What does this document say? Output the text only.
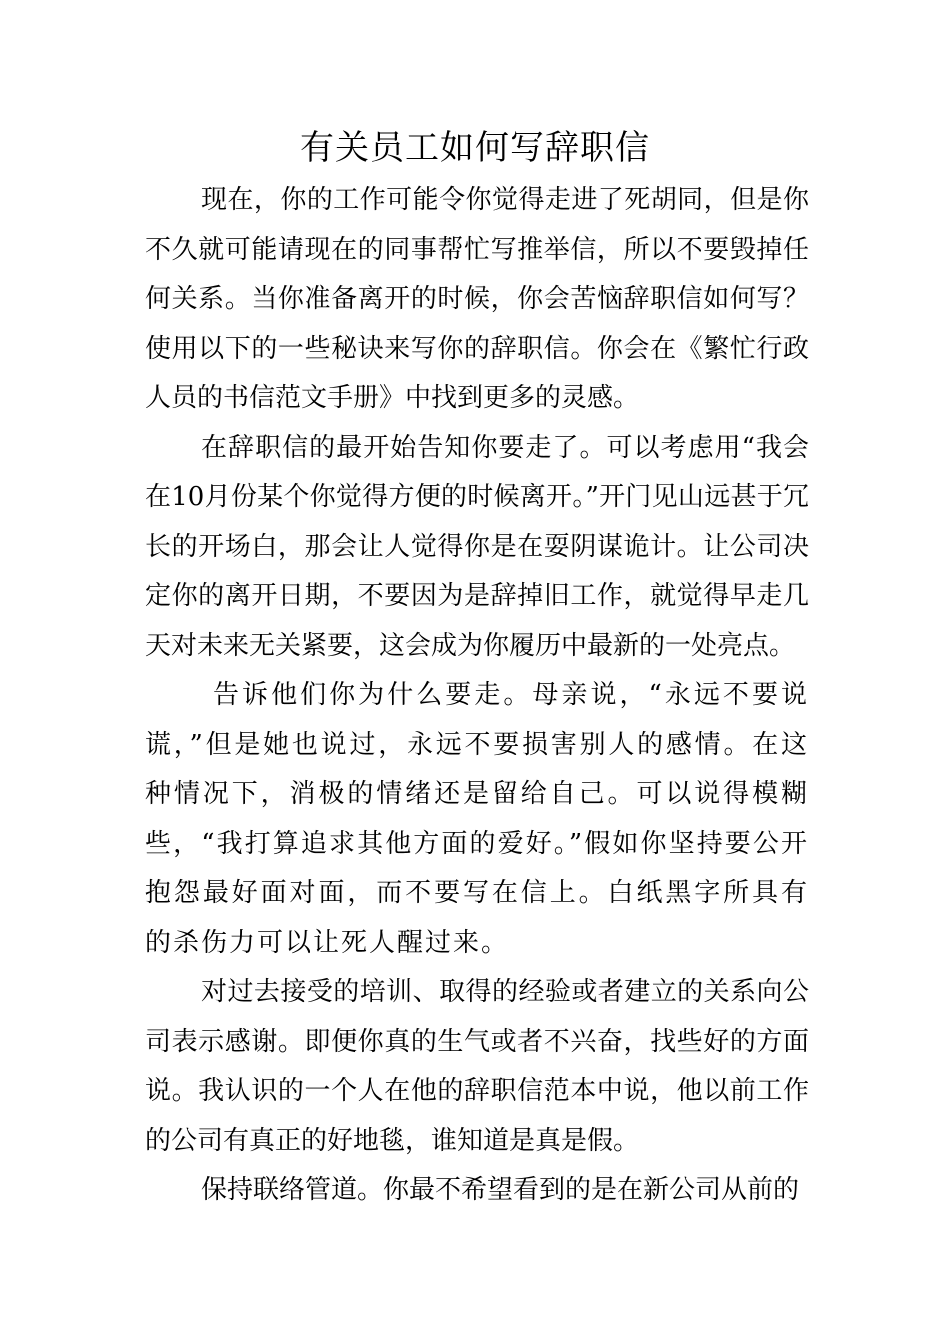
有关员工如何写辞职信

现在，你的工作可能令你觉得走进了死胡同，但是你不久就可能请现在的同事帮忙写推举信，所以不要毁掉任何关系。当你准备离开的时候，你会苦恼辞职信如何写？使用以下的一些秘诀来写你的辞职信。你会在《繁忙行政人员的书信范文手册》中找到更多的灵感。

在辞职信的最开始告知你要走了。可以考虑用“我会在10月份某个你觉得方便的时候离开。”开门见山远甚于冗长的开场白，那会让人觉得你是在耍阴谋诡计。让公司决定你的离开日期，不要因为是辞掉旧工作，就觉得早走几天对未来无关紧要，这会成为你履历中最新的一处亮点。

告诉他们你为什么要走。母亲说，“永远不要说谎，”但是她也说过，永远不要损害别人的感情。在这种情况下，消极的情绪还是留给自己。可以说得模糊些，“我打算追求其他方面的爱好。”假如你坚持要公开抱怨最好面对面，而不要写在信上。白纸黑字所具有的杀伤力可以让死人醒过来。

对过去接受的培训、取得的经验或者建立的关系向公司表示感谢。即便你真的生气或者不兴奋，找些好的方面说。我认识的一个人在他的辞职信范本中说，他以前工作的公司有真正的好地毯，谁知道是真是假。

保持联络管道。你最不希望看到的是在新公司从前的
